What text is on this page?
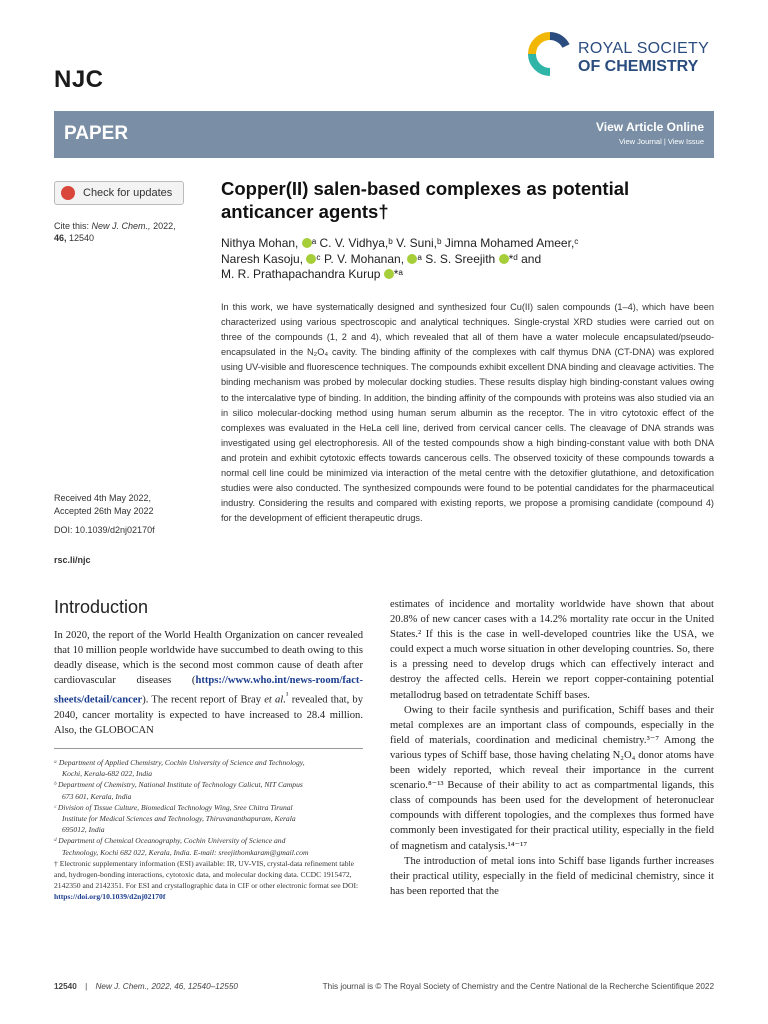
NJC
ROYAL SOCIETY
OF CHEMISTRY
PAPER	View Article Online
View Journal | View Issue
Check for updates
Cite this: New J. Chem., 2022,
46, 12540
Received 4th May 2022,
Accepted 26th May 2022
DOI: 10.1039/d2nj02170f
rsc.li/njc
Copper(II) salen-based complexes as potential anticancer agents†
Nithya Mohan, ᵃ C. V. Vidhya,ᵇ V. Suni,ᵇ Jimna Mohamed Ameer,ᶜ
Naresh Kasoju, ᶜ P. V. Mohanan, ᵃ S. S. Sreejith *ᵈ and
M. R. Prathapachandra Kurup *ᵃ
In this work, we have systematically designed and synthesized four Cu(II) salen compounds (1–4), which have been characterized using various spectroscopic and analytical techniques. Single-crystal XRD studies were carried out on three of the compounds (1, 2 and 4), which revealed that all of them have a water molecule encapsulated/pseudo-encapsulated in the N₂O₄ cavity. The binding affinity of the complexes with calf thymus DNA (CT-DNA) was explored using UV-visible and fluorescence techniques. The compounds exhibit excellent DNA binding and cleavage activities. The binding mechanism was probed by molecular docking studies. These results display high binding-constant values owing to the intercalative type of binding. In addition, the binding affinity of the compounds with proteins was also studied via an in silico molecular-docking method using human serum albumin as the receptor. The in vitro cytotoxic effect of the complexes was evaluated in the HeLa cell line, derived from cervical cancer cells. The cleavage of DNA strands was investigated using gel electrophoresis. All of the tested compounds show a high binding-constant value with both DNA and protein and exhibit cytotoxic effects towards cancerous cells. The observed toxicity of these compounds towards a normal cell line could be minimized via interaction of the metal centre with the detoxifier glutathione, and detoxification studies were also conducted. The synthesized compounds were found to be potential candidates for the pharmaceutical industry. Considering the results and compared with existing reports, we propose a promising candidate (compound 4) for the development of efficient therapeutic drugs.
Introduction
In 2020, the report of the World Health Organization on cancer revealed that 10 million people worldwide have succumbed to death owing to this deadly disease, which is the second most common cause of death after cardiovascular diseases (https://www.who.int/news-room/fact-sheets/detail/cancer). The recent report of Bray et al.$^{^1}$ revealed that, by 2040, cancer mortality is expected to have increased to 28.4 million. Also, the GLOBOCAN
ᵃ Department of Applied Chemistry, Cochin University of Science and Technology,
Kochi, Kerala-682 022, India
ᵇ Department of Chemistry, National Institute of Technology Calicut, NIT Campus
673 601, Kerala, India
ᶜ Division of Tissue Culture, Biomedical Technology Wing, Sree Chitra Tirunal
Institute for Medical Sciences and Technology, Thiruvananthapuram, Kerala
695012, India
ᵈ Department of Chemical Oceanography, Cochin University of Science and
Technology, Kochi 682 022, Kerala, India. E-mail: sreejithomkaram@gmail.com
† Electronic supplementary information (ESI) available: IR, UV-VIS, crystal-data refinement table and, hydrogen-bonding interactions, cytotoxic data, and molecular docking data. CCDC 1915472, 2142350 and 2142351. For ESI and crystallographic data in CIF or other electronic format see DOI: https://doi.org/10.1039/d2nj02170f
estimates of incidence and mortality worldwide have shown that about 20.8% of new cancer cases with a 14.2% mortality rate occur in the United States.² If this is the case in well-developed countries like the USA, we could expect a much worse situation in other developing countries. So, there is a pressing need to develop drugs which can effectively interact and destroy the affected cells. Herein we report copper-containing potential metallodrug based on tetradentate Schiff bases.
Owing to their facile synthesis and purification, Schiff bases and their metal complexes are an important class of compounds, especially in the field of materials, coordination and medicinal chemistry.³⁻⁷ Among the various types of Schiff base, those having chelating N₂O₄ donor atoms have been widely reported, which reveal their importance in the current scenario.⁸⁻¹³ Because of their ability to act as compartmental ligands, this class of compounds has been used for the development of heteronuclear compounds with different topologies, and the complexes thus formed have commonly been investigated for their practical utility, especially in the field of magnetism and catalysis.¹⁴⁻¹⁷
The introduction of metal ions into Schiff base ligands further increases their practical utility, especially in the field of medicinal chemistry, since it has been reported that the
12540 | New J. Chem., 2022, 46, 12540–12550	This journal is © The Royal Society of Chemistry and the Centre National de la Recherche Scientifique 2022
